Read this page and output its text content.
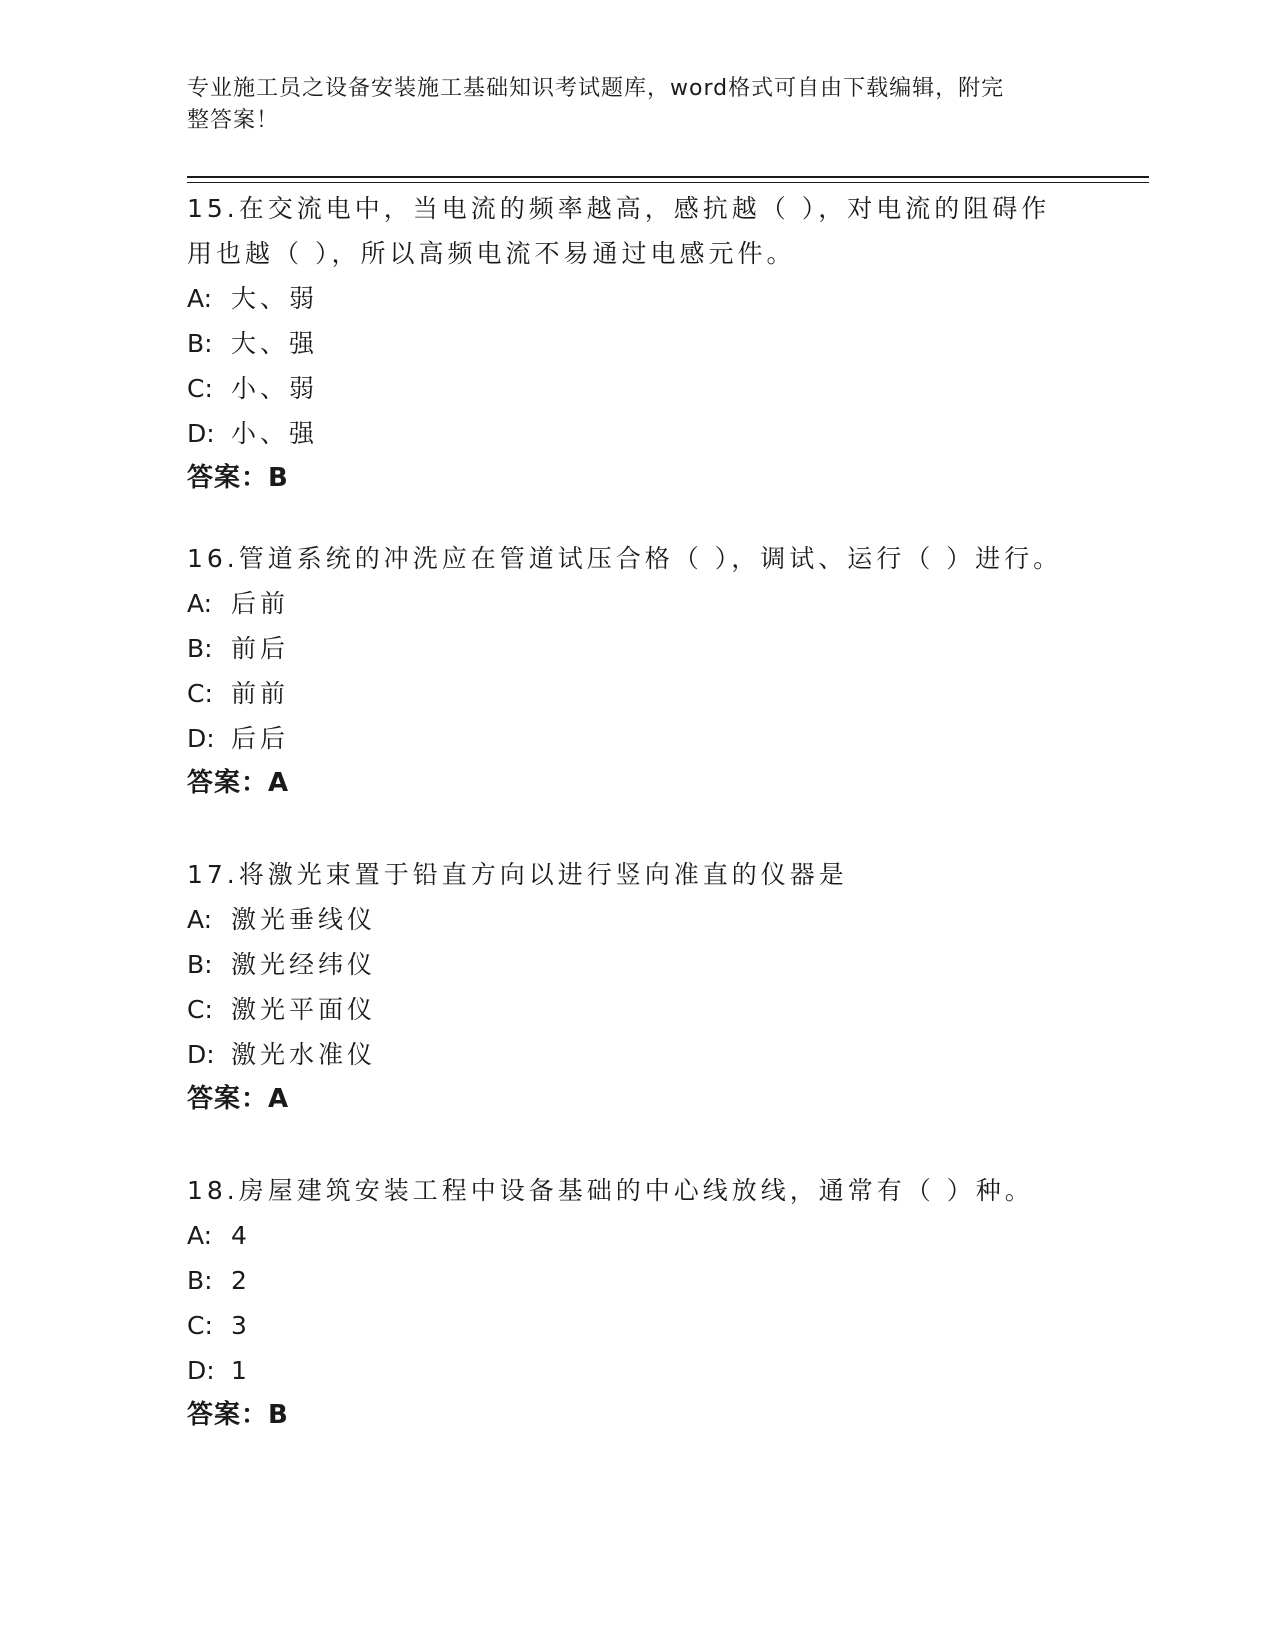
专业施工员之设备安装施工基础知识考试题库，word格式可自由下载编辑，附完
整答案！

15.在交流电中，当电流的频率越高，感抗越（ ），对电流的阻碍作

用也越（ ），所以高频电流不易通过电感元件。

A: 大、弱

B: 大、强

C: 小、弱

D: 小、强

答案：B

16.管道系统的冲洗应在管道试压合格（ ），调试、运行（ ）进行。

A: 后前

B: 前后

C: 前前

D: 后后

答案：A

17.将激光束置于铅直方向以进行竖向准直的仪器是

A: 激光垂线仪

B: 激光经纬仪

C: 激光平面仪

D: 激光水准仪

答案：A

18.房屋建筑安装工程中设备基础的中心线放线，通常有（ ）种。

A: 4

B: 2

C: 3

D: 1

答案：B
